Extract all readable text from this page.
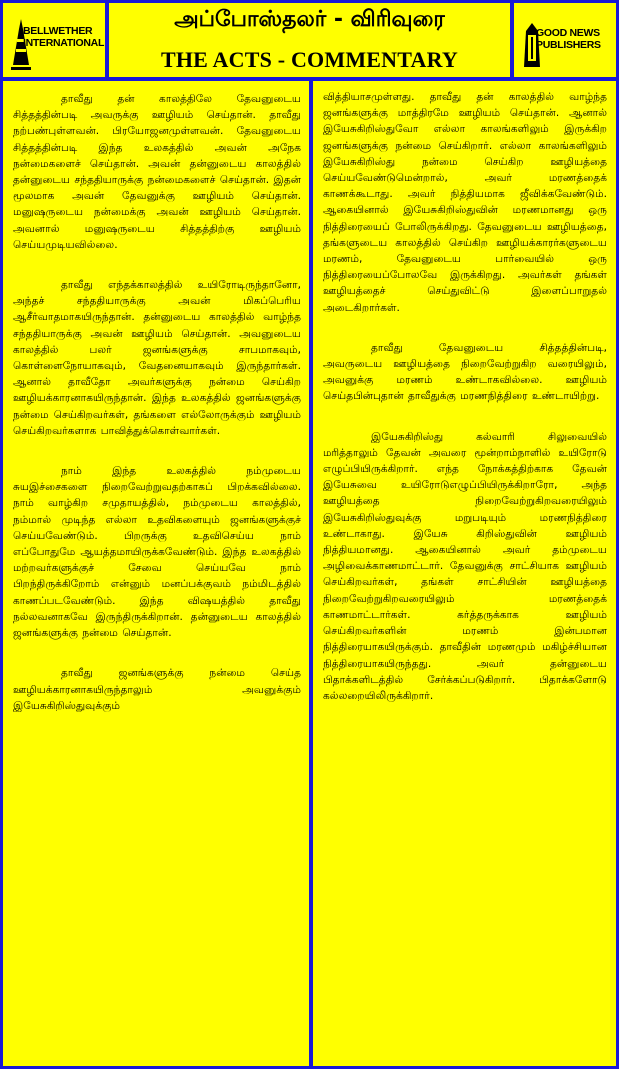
BELLWETHER INTERNATIONAL
அப்போஸ்தலர் - விரிவுரை
THE ACTS - COMMENTARY
GOOD NEWS PUBLISHERS

தாவீது தன் காலத்திலே தேவனுடைய சித்தத்தின்படி அவருக்கு ஊழியம் செய்தான். தாவீது நற்பண்புள்ளவன். பிரயோஜனமுள்ளவன். தேவனுடைய சித்தத்தின்படி இந்த உலகத்தில் அவன் அநேக நன்மைகளைச் செய்தான். அவன் தன்னுடைய காலத்தில் தன்னுடைய சந்ததியாருக்கு நன்மைகளைச் செய்தான். இதன் மூலமாக அவன் தேவனுக்கு ஊழியம் செய்தான். மனுஷருடைய நன்மைக்கு அவன் ஊழியம் செய்தான். அவனால் மனுஷருடைய சித்தத்திற்கு ஊழியம் செய்யமுடியவில்லை.

தாவீது எந்தக்காலத்தில் உயிரோடிருந்தானோ, அந்தச் சந்ததியாருக்கு அவன் மிகப்பெரிய ஆசீர்வாதமாகயிருந்தான். தன்னுடைய காலத்தில் வாழ்ந்த சந்ததியாருக்கு அவன் ஊழியம் செய்தான். அவனுடைய காலத்தில் பலர் ஜனங்களுக்கு சாபமாகவும், கொள்ளைநோயாகவும், வேதனையாகவும் இருந்தார்கள். ஆனால் தாவீதோ அவர்களுக்கு நன்மை செய்கிற ஊழியக்காரனாகயிருந்தான். இந்த உலகத்தில் ஜனங்களுக்கு நன்மை செய்கிறவர்கள், தங்களை எல்லோருக்கும் ஊழியம் செய்கிறவர்களாக பாவித்துக்கொள்வார்கள்.

நாம் இந்த உலகத்தில் நம்முடைய சுயஇச்சைகளை நிறைவேற்றுவதற்காகப் பிறக்கவில்லை. நாம் வாழ்கிற சமுதாயத்தில், நம்முடைய காலத்தில், நம்மால் முடிந்த எல்லா உதவிகளையும் ஜனங்களுக்குச் செய்யவேண்டும். பிறருக்கு உதவிசெய்ய நாம் எப்போதுமே ஆயத்தமாயிருக்கவேண்டும். இந்த உலகத்தில் மற்றவர்களுக்குச் சேவை செய்யவே நாம் பிறந்திருக்கிறோம் என்னும் மனப்பக்குவம் நம்மிடத்தில் காணப்படவேண்டும். இந்த விஷயத்தில் தாவீது நல்லவனாகவே இருந்திருக்கிறான். தன்னுடைய காலத்தில் ஜனங்களுக்கு நன்மை செய்தான்.

தாவீது ஜனங்களுக்கு நன்மை செய்த ஊழியக்காரனாகயிருந்தாலும் அவனுக்கும் இயேசுகிறிஸ்துவுக்கும்

வித்தியாசமுள்ளது. தாவீது தன் காலத்தில் வாழ்ந்த ஜனங்களுக்கு மாத்திரமே ஊழியம் செய்தான். ஆனால் இயேசுகிறிஸ்துவோ எல்லா காலங்களிலும் இருக்கிற ஜனங்களுக்கு நன்மை செய்கிறார். எல்லா காலங்களிலும் இயேசுகிறிஸ்து நன்மை செய்கிற ஊழியத்தை செய்யவேண்டுமென்றால், அவர் மரணத்தைக் காணக்கூடாது. அவர் நித்தியமாக ஜீவிக்கவேண்டும். ஆகையினால் இயேசுகிறிஸ்துவின் மரணமானது ஒரு நித்திரையைப் போலிருக்கிறது. தேவனுடைய ஊழியத்தை, தங்களுடைய காலத்தில் செய்கிற ஊழியக்காரர்களுடைய மரணம், தேவனுடைய பார்வையில் ஒரு நித்திரையைப்போலவே இருக்கிறது. அவர்கள் தங்கள் ஊழியத்தைச் செய்துவிட்டு இளைப்பாறுதல் அடைகிறார்கள்.

தாவீது தேவனுடைய சித்தத்தின்படி, அவருடைய ஊழியத்தை நிறைவேற்றுகிற வரையிலும், அவனுக்கு மரணம் உண்டாகவில்லை. ஊழியம் செய்தபின்புதான் தாவீதுக்கு மரணநித்திரை உண்டாயிற்று.

இயேசுகிறிஸ்து கல்வாரி சிலுவையில் மரித்தாலும் தேவன் அவரை மூன்றாம்நாளில் உயிரோடு எழுப்பியிருக்கிறார். எந்த நோக்கத்திற்காக தேவன் இயேசுவை உயிரோடுஎழுப்பியிருக்கிறாரோ, அந்த ஊழியத்தை நிறைவேற்றுகிறவரையிலும் இயேசுகிறிஸ்துவுக்கு மறுபடியும் மரணநித்திரை உண்டாகாது. இயேசு கிறிஸ்துவின் ஊழியம் நித்தியமானது. ஆகையினால் அவர் தம்முடைய அழிவைக்காணமாட்டார். தேவனுக்கு சாட்சியாக ஊழியம் செய்கிறவர்கள், தங்கள் சாட்சியின் ஊழியத்தை நிறைவேற்றுகிறவரையிலும் மரணத்தைக் காணமாட்டார்கள். கர்த்தருக்காக ஊழியம் செய்கிறவர்களின் மரணம் இன்பமான நித்திரையாகயிருக்கும். தாவீதின் மரணமும் மகிழ்ச்சியான நித்திரையாகயிருந்தது. அவர் தன்னுடைய பிதாக்களிடத்தில் சேர்க்கப்படுகிறார். பிதாக்களோடு கல்லறையிலிருக்கிறார்.
